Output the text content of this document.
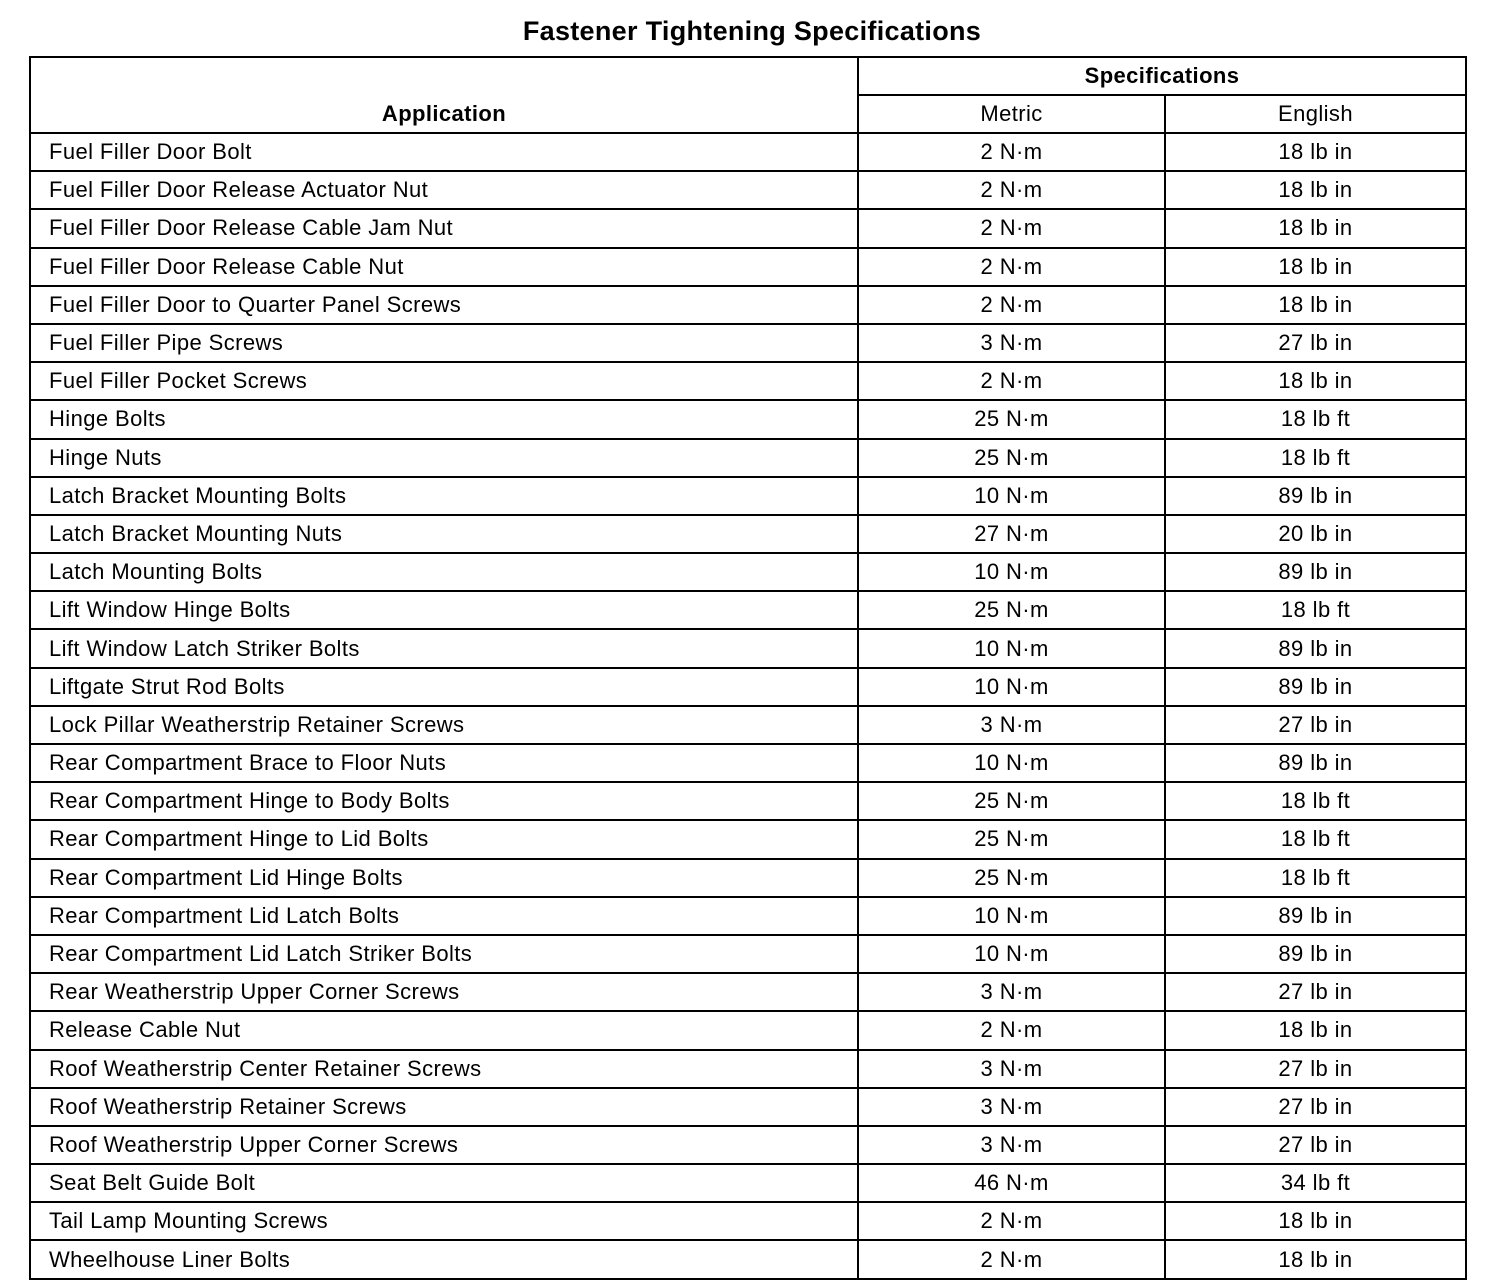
Fastener Tightening Specifications
Application	Specifications	
	Metric	English
Fuel Filler Door Bolt	2 N·m	18 lb in
Fuel Filler Door Release Actuator Nut	2 N·m	18 lb in
Fuel Filler Door Release Cable Jam Nut	2 N·m	18 lb in
Fuel Filler Door Release Cable Nut	2 N·m	18 lb in
Fuel Filler Door to Quarter Panel Screws	2 N·m	18 lb in
Fuel Filler Pipe Screws	3 N·m	27 lb in
Fuel Filler Pocket Screws	2 N·m	18 lb in
Hinge Bolts	25 N·m	18 lb ft
Hinge Nuts	25 N·m	18 lb ft
Latch Bracket Mounting Bolts	10 N·m	89 lb in
Latch Bracket Mounting Nuts	27 N·m	20 lb in
Latch Mounting Bolts	10 N·m	89 lb in
Lift Window Hinge Bolts	25 N·m	18 lb ft
Lift Window Latch Striker Bolts	10 N·m	89 lb in
Liftgate Strut Rod Bolts	10 N·m	89 lb in
Lock Pillar Weatherstrip Retainer Screws	3 N·m	27 lb in
Rear Compartment Brace to Floor Nuts	10 N·m	89 lb in
Rear Compartment Hinge to Body Bolts	25 N·m	18 lb ft
Rear Compartment Hinge to Lid Bolts	25 N·m	18 lb ft
Rear Compartment Lid Hinge Bolts	25 N·m	18 lb ft
Rear Compartment Lid Latch Bolts	10 N·m	89 lb in
Rear Compartment Lid Latch Striker Bolts	10 N·m	89 lb in
Rear Weatherstrip Upper Corner Screws	3 N·m	27 lb in
Release Cable Nut	2 N·m	18 lb in
Roof Weatherstrip Center Retainer Screws	3 N·m	27 lb in
Roof Weatherstrip Retainer Screws	3 N·m	27 lb in
Roof Weatherstrip Upper Corner Screws	3 N·m	27 lb in
Seat Belt Guide Bolt	46 N·m	34 lb ft
Tail Lamp Mounting Screws	2 N·m	18 lb in
Wheelhouse Liner Bolts	2 N·m	18 lb in
